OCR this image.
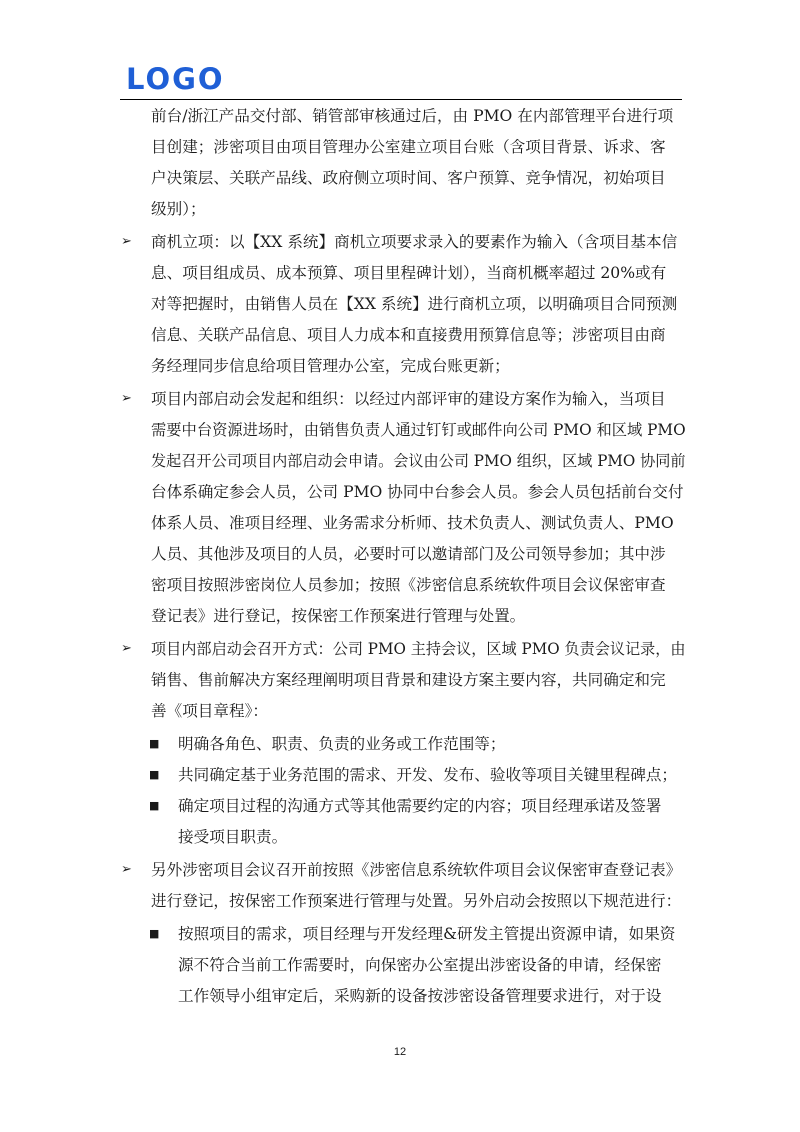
LOGO
前台/浙江产品交付部、销管部审核通过后，由 PMO 在内部管理平台进行项
目创建；涉密项目由项目管理办公室建立项目台账（含项目背景、诉求、客
户决策层、关联产品线、政府侧立项时间、客户预算、竞争情况，初始项目
级别）；
➢ 商机立项：以【XX 系统】商机立项要求录入的要素作为输入（含项目基本信
息、项目组成员、成本预算、项目里程碑计划），当商机概率超过 20%或有
对等把握时，由销售人员在【XX 系统】进行商机立项，以明确项目合同预测
信息、关联产品信息、项目人力成本和直接费用预算信息等；涉密项目由商
务经理同步信息给项目管理办公室，完成台账更新；
➢ 项目内部启动会发起和组织：以经过内部评审的建设方案作为输入，当项目
需要中台资源进场时，由销售负责人通过钉钉或邮件向公司 PMO 和区域 PMO
发起召开公司项目内部启动会申请。会议由公司 PMO 组织，区域 PMO 协同前
台体系确定参会人员，公司 PMO 协同中台参会人员。参会人员包括前台交付
体系人员、准项目经理、业务需求分析师、技术负责人、测试负责人、PMO
人员、其他涉及项目的人员，必要时可以邀请部门及公司领导参加；其中涉
密项目按照涉密岗位人员参加；按照《涉密信息系统软件项目会议保密审查
登记表》进行登记，按保密工作预案进行管理与处置。
➢ 项目内部启动会召开方式：公司 PMO 主持会议，区域 PMO 负责会议记录，由
销售、售前解决方案经理阐明项目背景和建设方案主要内容，共同确定和完
善《项目章程》：
■ 明确各角色、职责、负责的业务或工作范围等；
■ 共同确定基于业务范围的需求、开发、发布、验收等项目关键里程碑点；
■ 确定项目过程的沟通方式等其他需要约定的内容；项目经理承诺及签署
接受项目职责。
➢ 另外涉密项目会议召开前按照《涉密信息系统软件项目会议保密审查登记表》
进行登记，按保密工作预案进行管理与处置。另外启动会按照以下规范进行：
■ 按照项目的需求，项目经理与开发经理&研发主管提出资源申请，如果资
源不符合当前工作需要时，向保密办公室提出涉密设备的申请，经保密
工作领导小组审定后，采购新的设备按涉密设备管理要求进行，对于设
12
